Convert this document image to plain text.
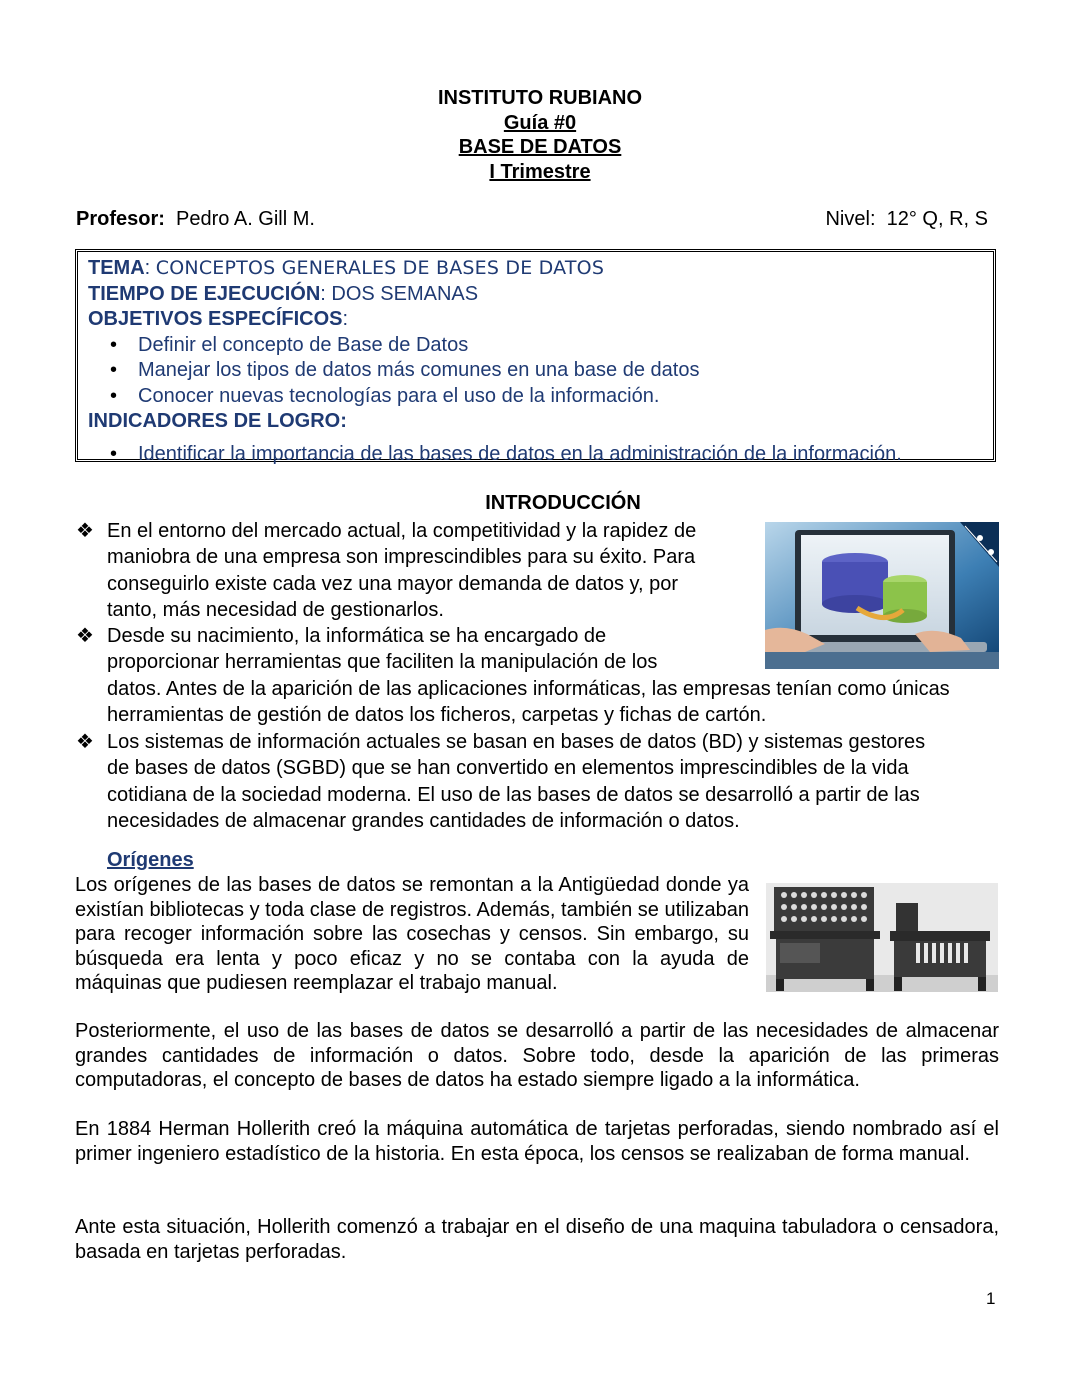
INSTITUTO RUBIANO
Guía #0
BASE DE DATOS
I Trimestre
Profesor: Pedro A. Gill M.	Nivel: 12° Q, R, S
TEMA: CONCEPTOS GENERALES DE BASES DE DATOS
TIEMPO DE EJECUCIÓN: DOS SEMANAS
OBJETIVOS ESPECÍFICOS:
• Definir el concepto de Base de Datos
• Manejar los tipos de datos más comunes en una base de datos
• Conocer nuevas tecnologías para el uso de la información.
INDICADORES DE LOGRO:
• Identificar la importancia de las bases de datos en la administración de la información.
INTRODUCCIÓN
❖ En el entorno del mercado actual, la competitividad y la rapidez de
maniobra de una empresa son imprescindibles para su éxito. Para
conseguirlo existe cada vez una mayor demanda de datos y, por
tanto, más necesidad de gestionarlos.
❖ Desde su nacimiento, la informática se ha encargado de
proporcionar herramientas que faciliten la manipulación de los
datos. Antes de la aparición de las aplicaciones informáticas, las empresas tenían como únicas
herramientas de gestión de datos los ficheros, carpetas y fichas de cartón.
❖ Los sistemas de información actuales se basan en bases de datos (BD) y sistemas gestores
de bases de datos (SGBD) que se han convertido en elementos imprescindibles de la vida
cotidiana de la sociedad moderna. El uso de las bases de datos se desarrolló a partir de las
necesidades de almacenar grandes cantidades de información o datos.
Orígenes
Los orígenes de las bases de datos se remontan a la Antigüedad donde ya existían bibliotecas y toda clase de registros. Además, también se utilizaban para recoger información sobre las cosechas y censos. Sin embargo, su búsqueda era lenta y poco eficaz y no se contaba con la ayuda de máquinas que pudiesen reemplazar el trabajo manual.
Posteriormente, el uso de las bases de datos se desarrolló a partir de las necesidades de almacenar grandes cantidades de información o datos. Sobre todo, desde la aparición de las primeras computadoras, el concepto de bases de datos ha estado siempre ligado a la informática.
En 1884 Herman Hollerith creó la máquina automática de tarjetas perforadas, siendo nombrado así el primer ingeniero estadístico de la historia. En esta época, los censos se realizaban de forma manual.
Ante esta situación, Hollerith comenzó a trabajar en el diseño de una maquina tabuladora o censadora, basada en tarjetas perforadas.
1
